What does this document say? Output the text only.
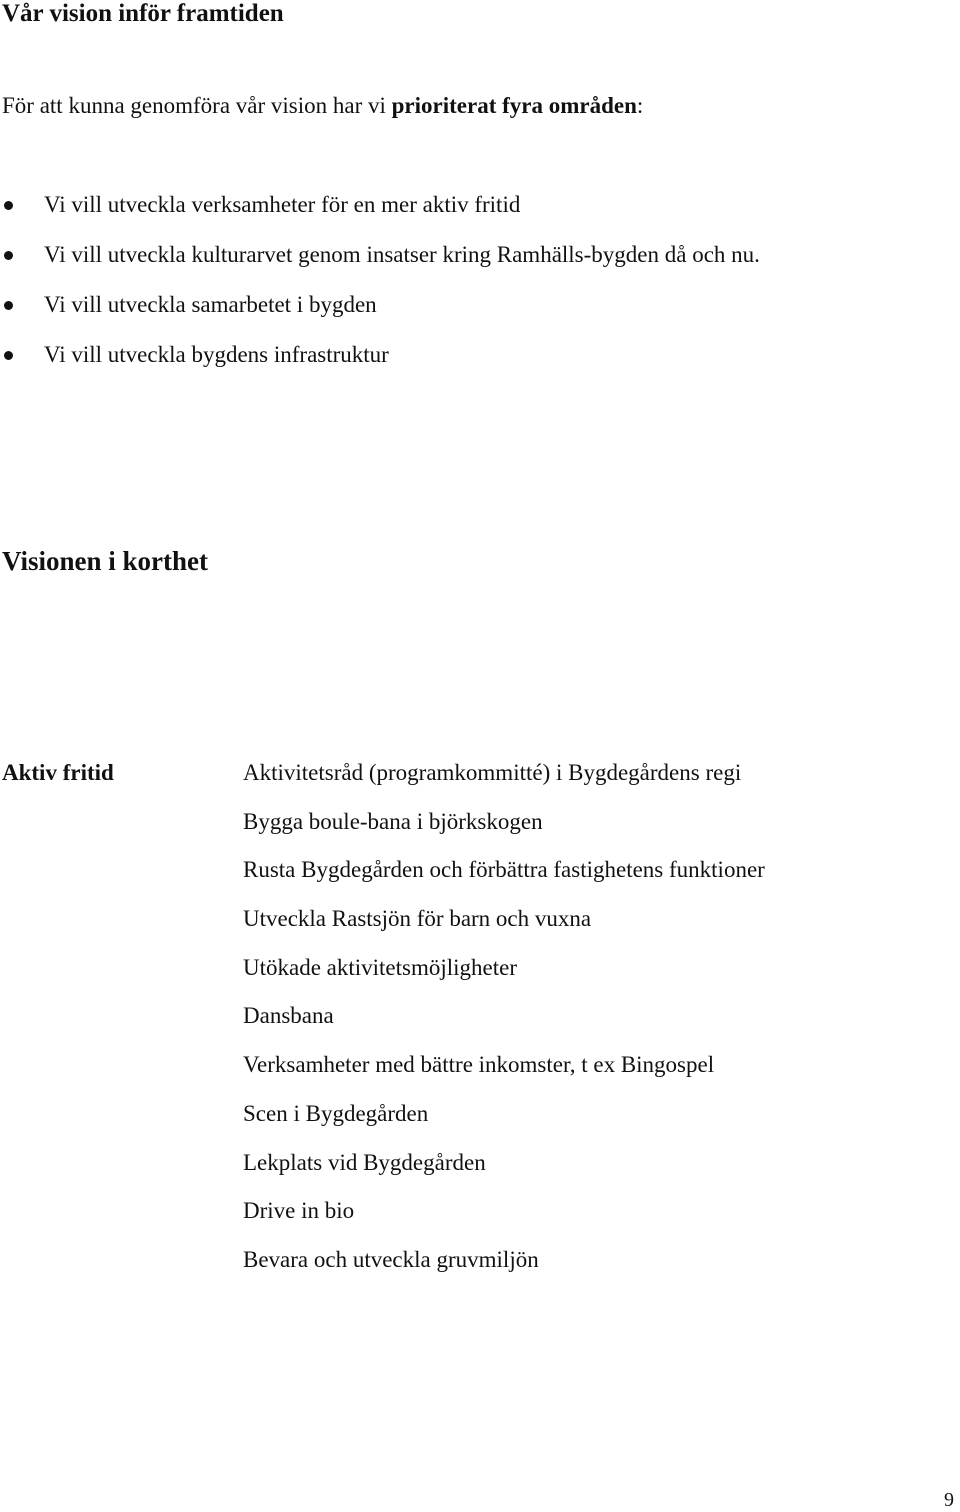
Vår vision inför framtiden

För att kunna genomföra vår vision har vi prioriterat fyra områden:

Vi vill utveckla verksamheter för en mer aktiv fritid
Vi vill utveckla kulturarvet genom insatser kring Ramhälls-bygden då och nu.
Vi vill utveckla samarbetet i bygden
Vi vill utveckla bygdens infrastruktur
Visionen i korthet
Aktiv fritid	Aktivitetsråd (programkommitté) i Bygdegårdens regi
Bygga boule-bana i björkskogen
Rusta Bygdegården och förbättra fastighetens funktioner
Utveckla Rastsjön för barn och vuxna
Utökade aktivitetsmöjligheter
Dansbana
Verksamheter med bättre inkomster, t ex Bingospel
Scen i Bygdegården
Lekplats vid Bygdegården
Drive in bio
Bevara och utveckla gruvmiljön
9
